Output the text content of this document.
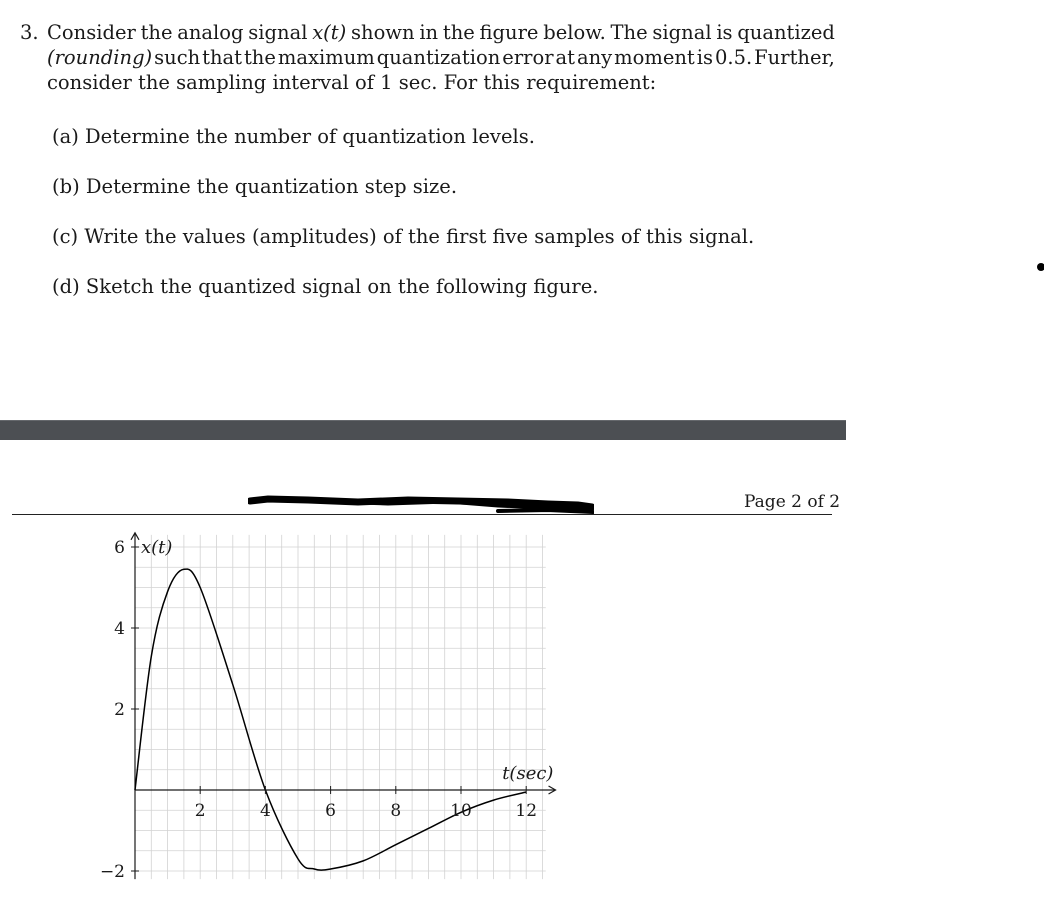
3. Consider the analog signal x(t) shown in the figure below. The signal is quantized
(rounding) such that the maximum quantization error at any moment is 0.5. Further,
consider the sampling interval of 1 sec. For this requirement:
(a) Determine the number of quantization levels.
(b) Determine the quantization step size.
(c) Write the values (amplitudes) of the first five samples of this signal.
(d) Sketch the quantized signal on the following figure.
Page 2 of 2
6
4
2
−2
2	4	6	8	10	12
x(t)
t(sec)
